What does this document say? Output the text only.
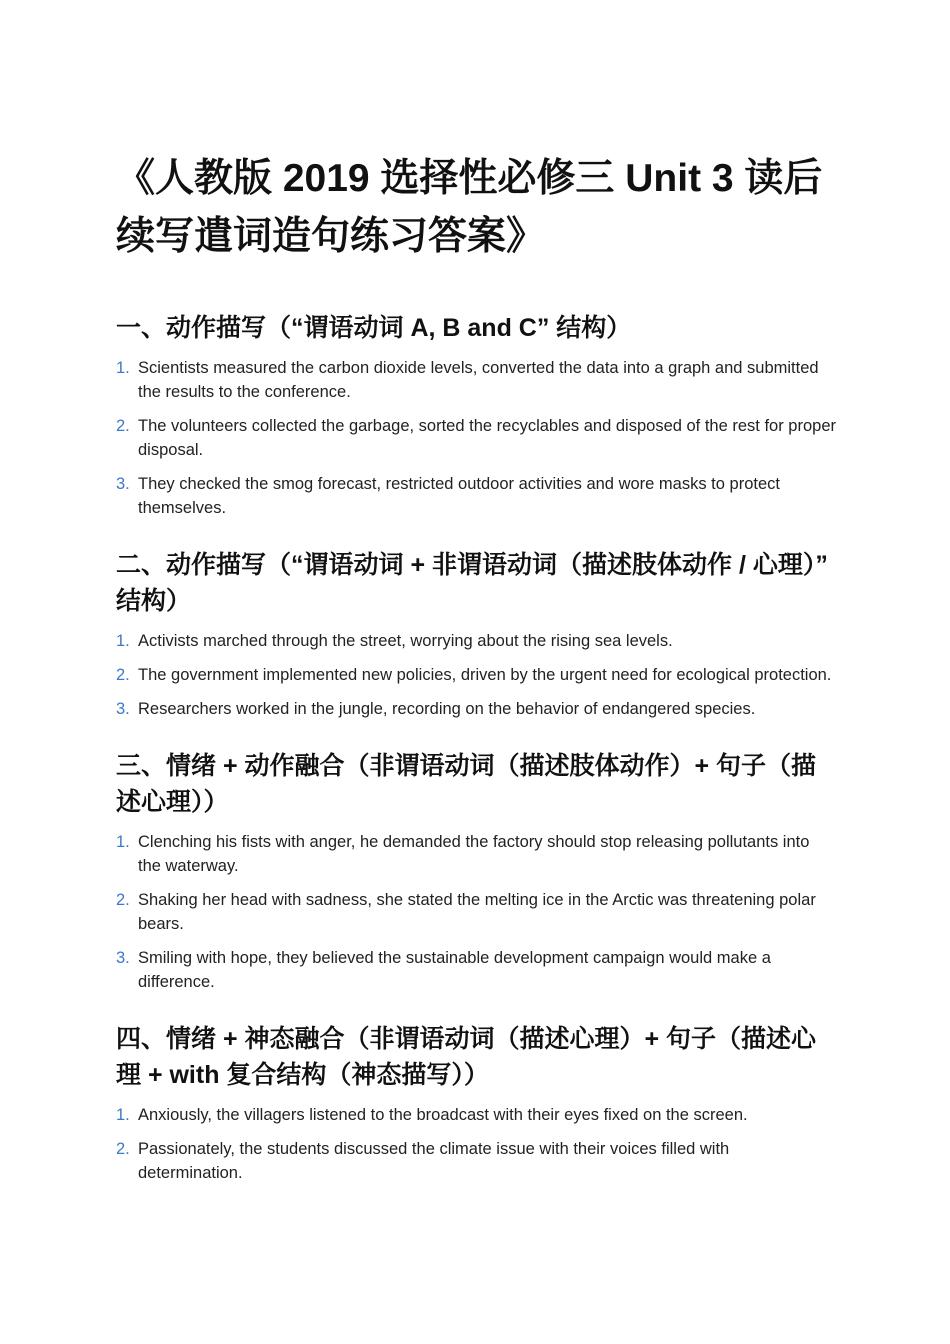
《人教版 2019 选择性必修三 Unit 3 读后续写遣词造句练习答案》
一、动作描写（“谓语动词 A, B and C” 结构）
1. Scientists measured the carbon dioxide levels, converted the data into a graph and submitted the results to the conference.
2. The volunteers collected the garbage, sorted the recyclables and disposed of the rest for proper disposal.
3. They checked the smog forecast, restricted outdoor activities and wore masks to protect themselves.
二、动作描写（“谓语动词 + 非谓语动词（描述肢体动作 / 心理）” 结构）
1. Activists marched through the street, worrying about the rising sea levels.
2. The government implemented new policies, driven by the urgent need for ecological protection.
3. Researchers worked in the jungle, recording on the behavior of endangered species.
三、情绪 + 动作融合（非谓语动词（描述肢体动作）+ 句子（描述心理））
1. Clenching his fists with anger, he demanded the factory should stop releasing pollutants into the waterway.
2. Shaking her head with sadness, she stated the melting ice in the Arctic was threatening polar bears.
3. Smiling with hope, they believed the sustainable development campaign would make a difference.
四、情绪 + 神态融合（非谓语动词（描述心理）+ 句子（描述心理 + with 复合结构（神态描写））
1. Anxiously, the villagers listened to the broadcast with their eyes fixed on the screen.
2. Passionately, the students discussed the climate issue with their voices filled with determination.
